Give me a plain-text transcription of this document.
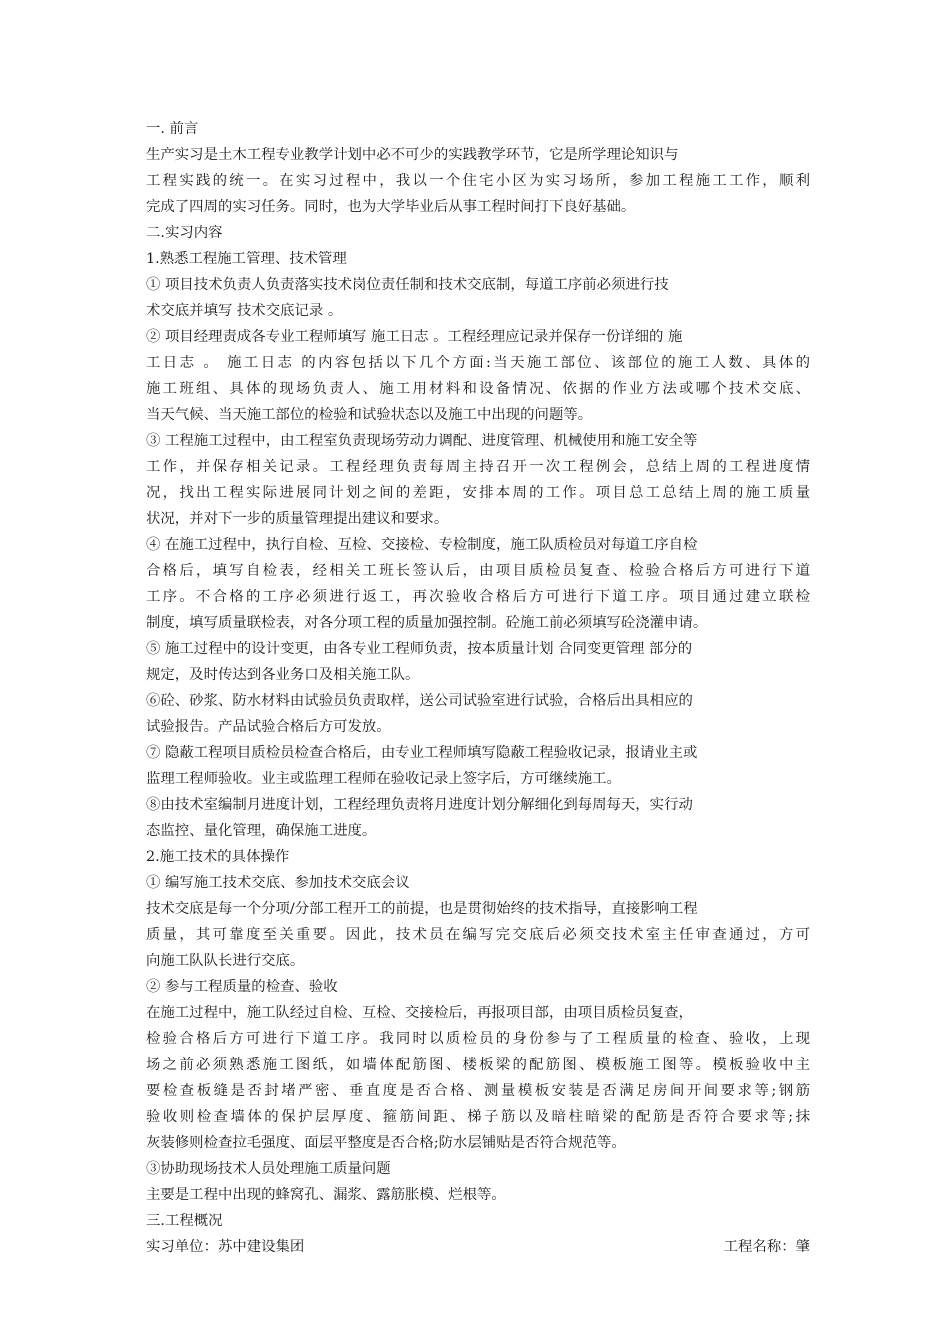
一. 前言
生产实习是土木工程专业教学计划中必不可少的实践教学环节，它是所学理论知识与
工程实践的统一。在实习过程中，我以一个住宅小区为实习场所，参加工程施工工作，顺利
完成了四周的实习任务。同时，也为大学毕业后从事工程时间打下良好基础。
二.实习内容
1.熟悉工程施工管理、技术管理
① 项目技术负责人负责落实技术岗位责任制和技术交底制，每道工序前必须进行技
术交底并填写 技术交底记录 。
② 项目经理责成各专业工程师填写 施工日志 。工程经理应记录并保存一份详细的 施
工日志 。 施工日志 的内容包括以下几个方面:当天施工部位、该部位的施工人数、具体的
施工班组、具体的现场负责人、施工用材料和设备情况、依据的作业方法或哪个技术交底、
当天气候、当天施工部位的检验和试验状态以及施工中出现的问题等。
③ 工程施工过程中，由工程室负责现场劳动力调配、进度管理、机械使用和施工安全等
工作，并保存相关记录。工程经理负责每周主持召开一次工程例会，总结上周的工程进度情
况，找出工程实际进展同计划之间的差距，安排本周的工作。项目总工总结上周的施工质量
状况，并对下一步的质量管理提出建议和要求。
④ 在施工过程中，执行自检、互检、交接检、专检制度，施工队质检员对每道工序自检
合格后，填写自检表，经相关工班长签认后，由项目质检员复查、检验合格后方可进行下道
工序。不合格的工序必须进行返工，再次验收合格后方可进行下道工序。项目通过建立联检
制度，填写质量联检表，对各分项工程的质量加强控制。砼施工前必须填写砼浇灌申请。
⑤ 施工过程中的设计变更，由各专业工程师负责，按本质量计划 合同变更管理 部分的
规定，及时传达到各业务口及相关施工队。
⑥砼、砂浆、防水材料由试验员负责取样，送公司试验室进行试验，合格后出具相应的
试验报告。产品试验合格后方可发放。
⑦ 隐蔽工程项目质检员检查合格后，由专业工程师填写隐蔽工程验收记录，报请业主或
监理工程师验收。业主或监理工程师在验收记录上签字后，方可继续施工。
⑧由技术室编制月进度计划，工程经理负责将月进度计划分解细化到每周每天，实行动
态监控、量化管理，确保施工进度。
2.施工技术的具体操作
① 编写施工技术交底、参加技术交底会议
技术交底是每一个分项/分部工程开工的前提，也是贯彻始终的技术指导，直接影响工程
质量，其可靠度至关重要。因此，技术员在编写完交底后必须交技术室主任审查通过，方可
向施工队队长进行交底。
② 参与工程质量的检查、验收
在施工过程中，施工队经过自检、互检、交接检后，再报项目部，由项目质检员复查，
检验合格后方可进行下道工序。我同时以质检员的身份参与了工程质量的检查、验收，上现
场之前必须熟悉施工图纸，如墙体配筋图、楼板梁的配筋图、模板施工图等。模板验收中主
要检查板缝是否封堵严密、垂直度是否合格、测量模板安装是否满足房间开间要求等;钢筋
验收则检查墙体的保护层厚度、箍筋间距、梯子筋以及暗柱暗梁的配筋是否符合要求等;抹
灰装修则检查拉毛强度、面层平整度是否合格;防水层铺贴是否符合规范等。
③协助现场技术人员处理施工质量问题
主要是工程中出现的蜂窝孔、漏浆、露筋胀模、烂根等。
三.工程概况
实习单位：苏中建设集团	工程名称：肇
